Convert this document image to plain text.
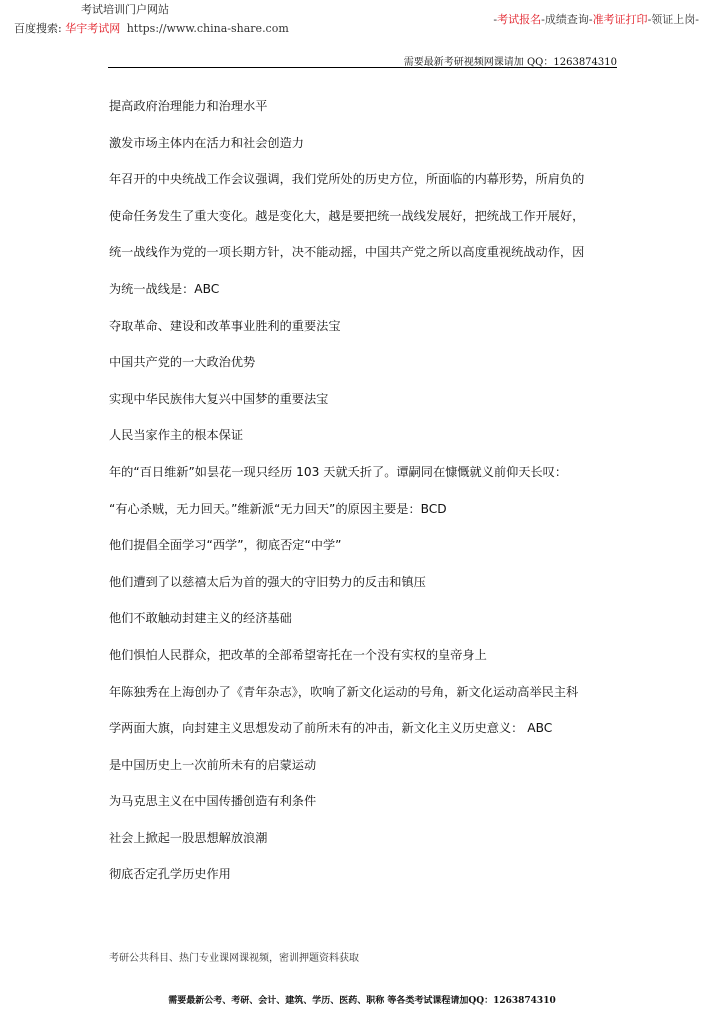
考试培训门户网站
百度搜索: 华宇考试网 https://www.china-share.com
-考试报名-成绩查询-准考证打印-领证上岗-
需要最新考研视频网课请加 QQ：1263874310
提高政府治理能力和治理水平
激发市场主体内在活力和社会创造力
年召开的中央统战工作会议强调，我们党所处的历史方位，所面临的内幕形势，所肩负的
使命任务发生了重大变化。越是变化大，越是要把统一战线发展好，把统战工作开展好，
统一战线作为党的一项长期方针，决不能动摇，中国共产党之所以高度重视统战动作，因
为统一战线是：ABC
夺取革命、建设和改革事业胜利的重要法宝
中国共产党的一大政治优势
实现中华民族伟大复兴中国梦的重要法宝
人民当家作主的根本保证
年的“百日维新”如昙花一现只经历 103 天就夭折了。谭嗣同在慷慨就义前仰天长叹：
“有心杀贼，无力回天。”维新派“无力回天”的原因主要是：BCD
他们提倡全面学习“西学”，彻底否定“中学”
他们遭到了以慈禧太后为首的强大的守旧势力的反击和镇压
他们不敢触动封建主义的经济基础
他们惧怕人民群众，把改革的全部希望寄托在一个没有实权的皇帝身上
年陈独秀在上海创办了《青年杂志》，吹响了新文化运动的号角，新文化运动高举民主科
学两面大旗，向封建主义思想发动了前所未有的冲击，新文化主义历史意义： ABC
是中国历史上一次前所未有的启蒙运动
为马克思主义在中国传播创造有利条件
社会上掀起一股思想解放浪潮
彻底否定孔学历史作用
考研公共科目、热门专业课网课视频，密训押题资料获取
需要最新公考、考研、会计、建筑、学历、医药、职称 等各类考试课程请加QQ：1263874310
